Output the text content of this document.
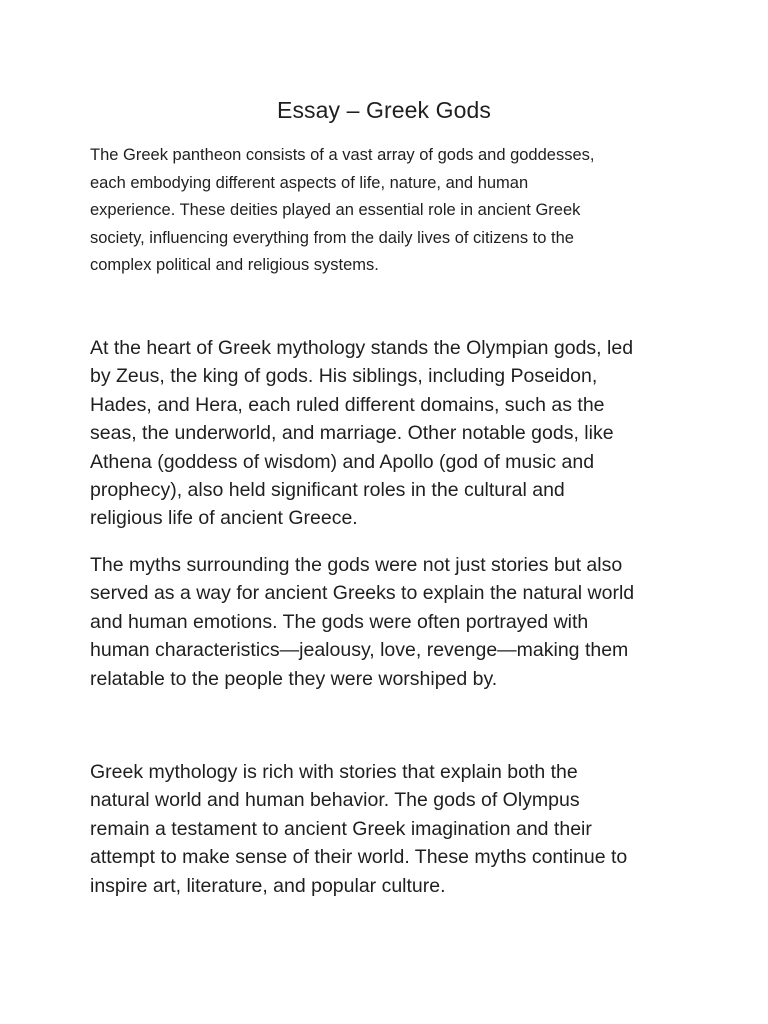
Essay – Greek Gods

The Greek pantheon consists of a vast array of gods and goddesses,
each embodying different aspects of life, nature, and human
experience. These deities played an essential role in ancient Greek
society, influencing everything from the daily lives of citizens to the
complex political and religious systems.

At the heart of Greek mythology stands the Olympian gods, led
by Zeus, the king of gods. His siblings, including Poseidon,
Hades, and Hera, each ruled different domains, such as the
seas, the underworld, and marriage. Other notable gods, like
Athena (goddess of wisdom) and Apollo (god of music and
prophecy), also held significant roles in the cultural and
religious life of ancient Greece.

The myths surrounding the gods were not just stories but also
served as a way for ancient Greeks to explain the natural world
and human emotions. The gods were often portrayed with
human characteristics—jealousy, love, revenge—making them
relatable to the people they were worshiped by.

Greek mythology is rich with stories that explain both the
natural world and human behavior. The gods of Olympus
remain a testament to ancient Greek imagination and their
attempt to make sense of their world. These myths continue to
inspire art, literature, and popular culture.
